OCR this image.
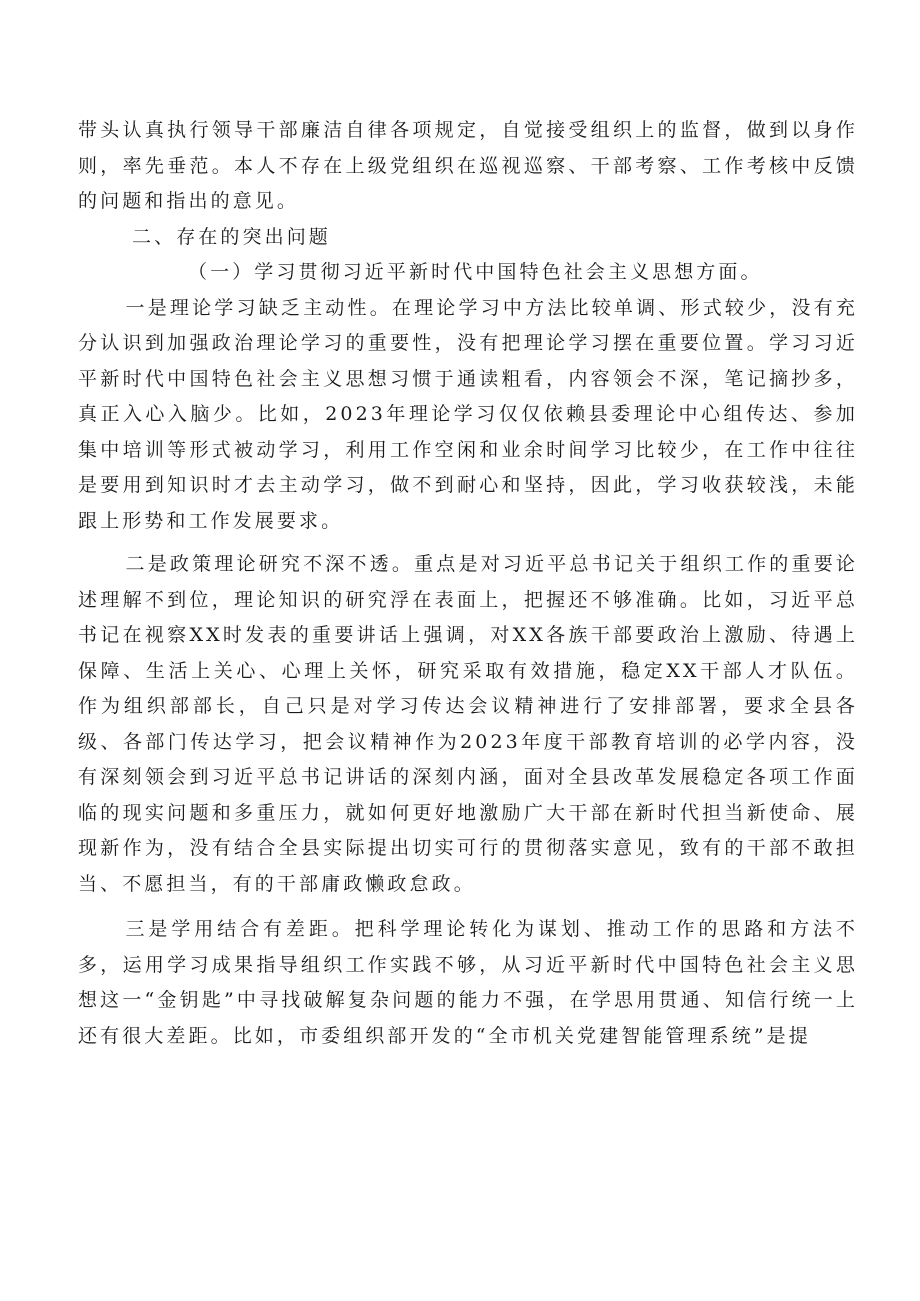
带头认真执行领导干部廉洁自律各项规定，自觉接受组织上的监督，做到以身作则，率先垂范。本人不存在上级党组织在巡视巡察、干部考察、工作考核中反馈的问题和指出的意见。

二、存在的突出问题

（一）学习贯彻习近平新时代中国特色社会主义思想方面。

一是理论学习缺乏主动性。在理论学习中方法比较单调、形式较少，没有充分认识到加强政治理论学习的重要性，没有把理论学习摆在重要位置。学习习近平新时代中国特色社会主义思想习惯于通读粗看，内容领会不深，笔记摘抄多，真正入心入脑少。比如，2023年理论学习仅仅依赖县委理论中心组传达、参加集中培训等形式被动学习，利用工作空闲和业余时间学习比较少，在工作中往往是要用到知识时才去主动学习，做不到耐心和坚持，因此，学习收获较浅，未能跟上形势和工作发展要求。

二是政策理论研究不深不透。重点是对习近平总书记关于组织工作的重要论述理解不到位，理论知识的研究浮在表面上，把握还不够准确。比如，习近平总书记在视察XX时发表的重要讲话上强调，对XX各族干部要政治上激励、待遇上保障、生活上关心、心理上关怀，研究采取有效措施，稳定XX干部人才队伍。作为组织部部长，自己只是对学习传达会议精神进行了安排部署，要求全县各级、各部门传达学习，把会议精神作为2023年度干部教育培训的必学内容，没有深刻领会到习近平总书记讲话的深刻内涵，面对全县改革发展稳定各项工作面临的现实问题和多重压力，就如何更好地激励广大干部在新时代担当新使命、展现新作为，没有结合全县实际提出切实可行的贯彻落实意见，致有的干部不敢担当、不愿担当，有的干部庸政懒政怠政。

三是学用结合有差距。把科学理论转化为谋划、推动工作的思路和方法不多，运用学习成果指导组织工作实践不够，从习近平新时代中国特色社会主义思想这一“金钥匙”中寻找破解复杂问题的能力不强，在学思用贯通、知信行统一上还有很大差距。比如，市委组织部开发的“全市机关党建智能管理系统”是提
